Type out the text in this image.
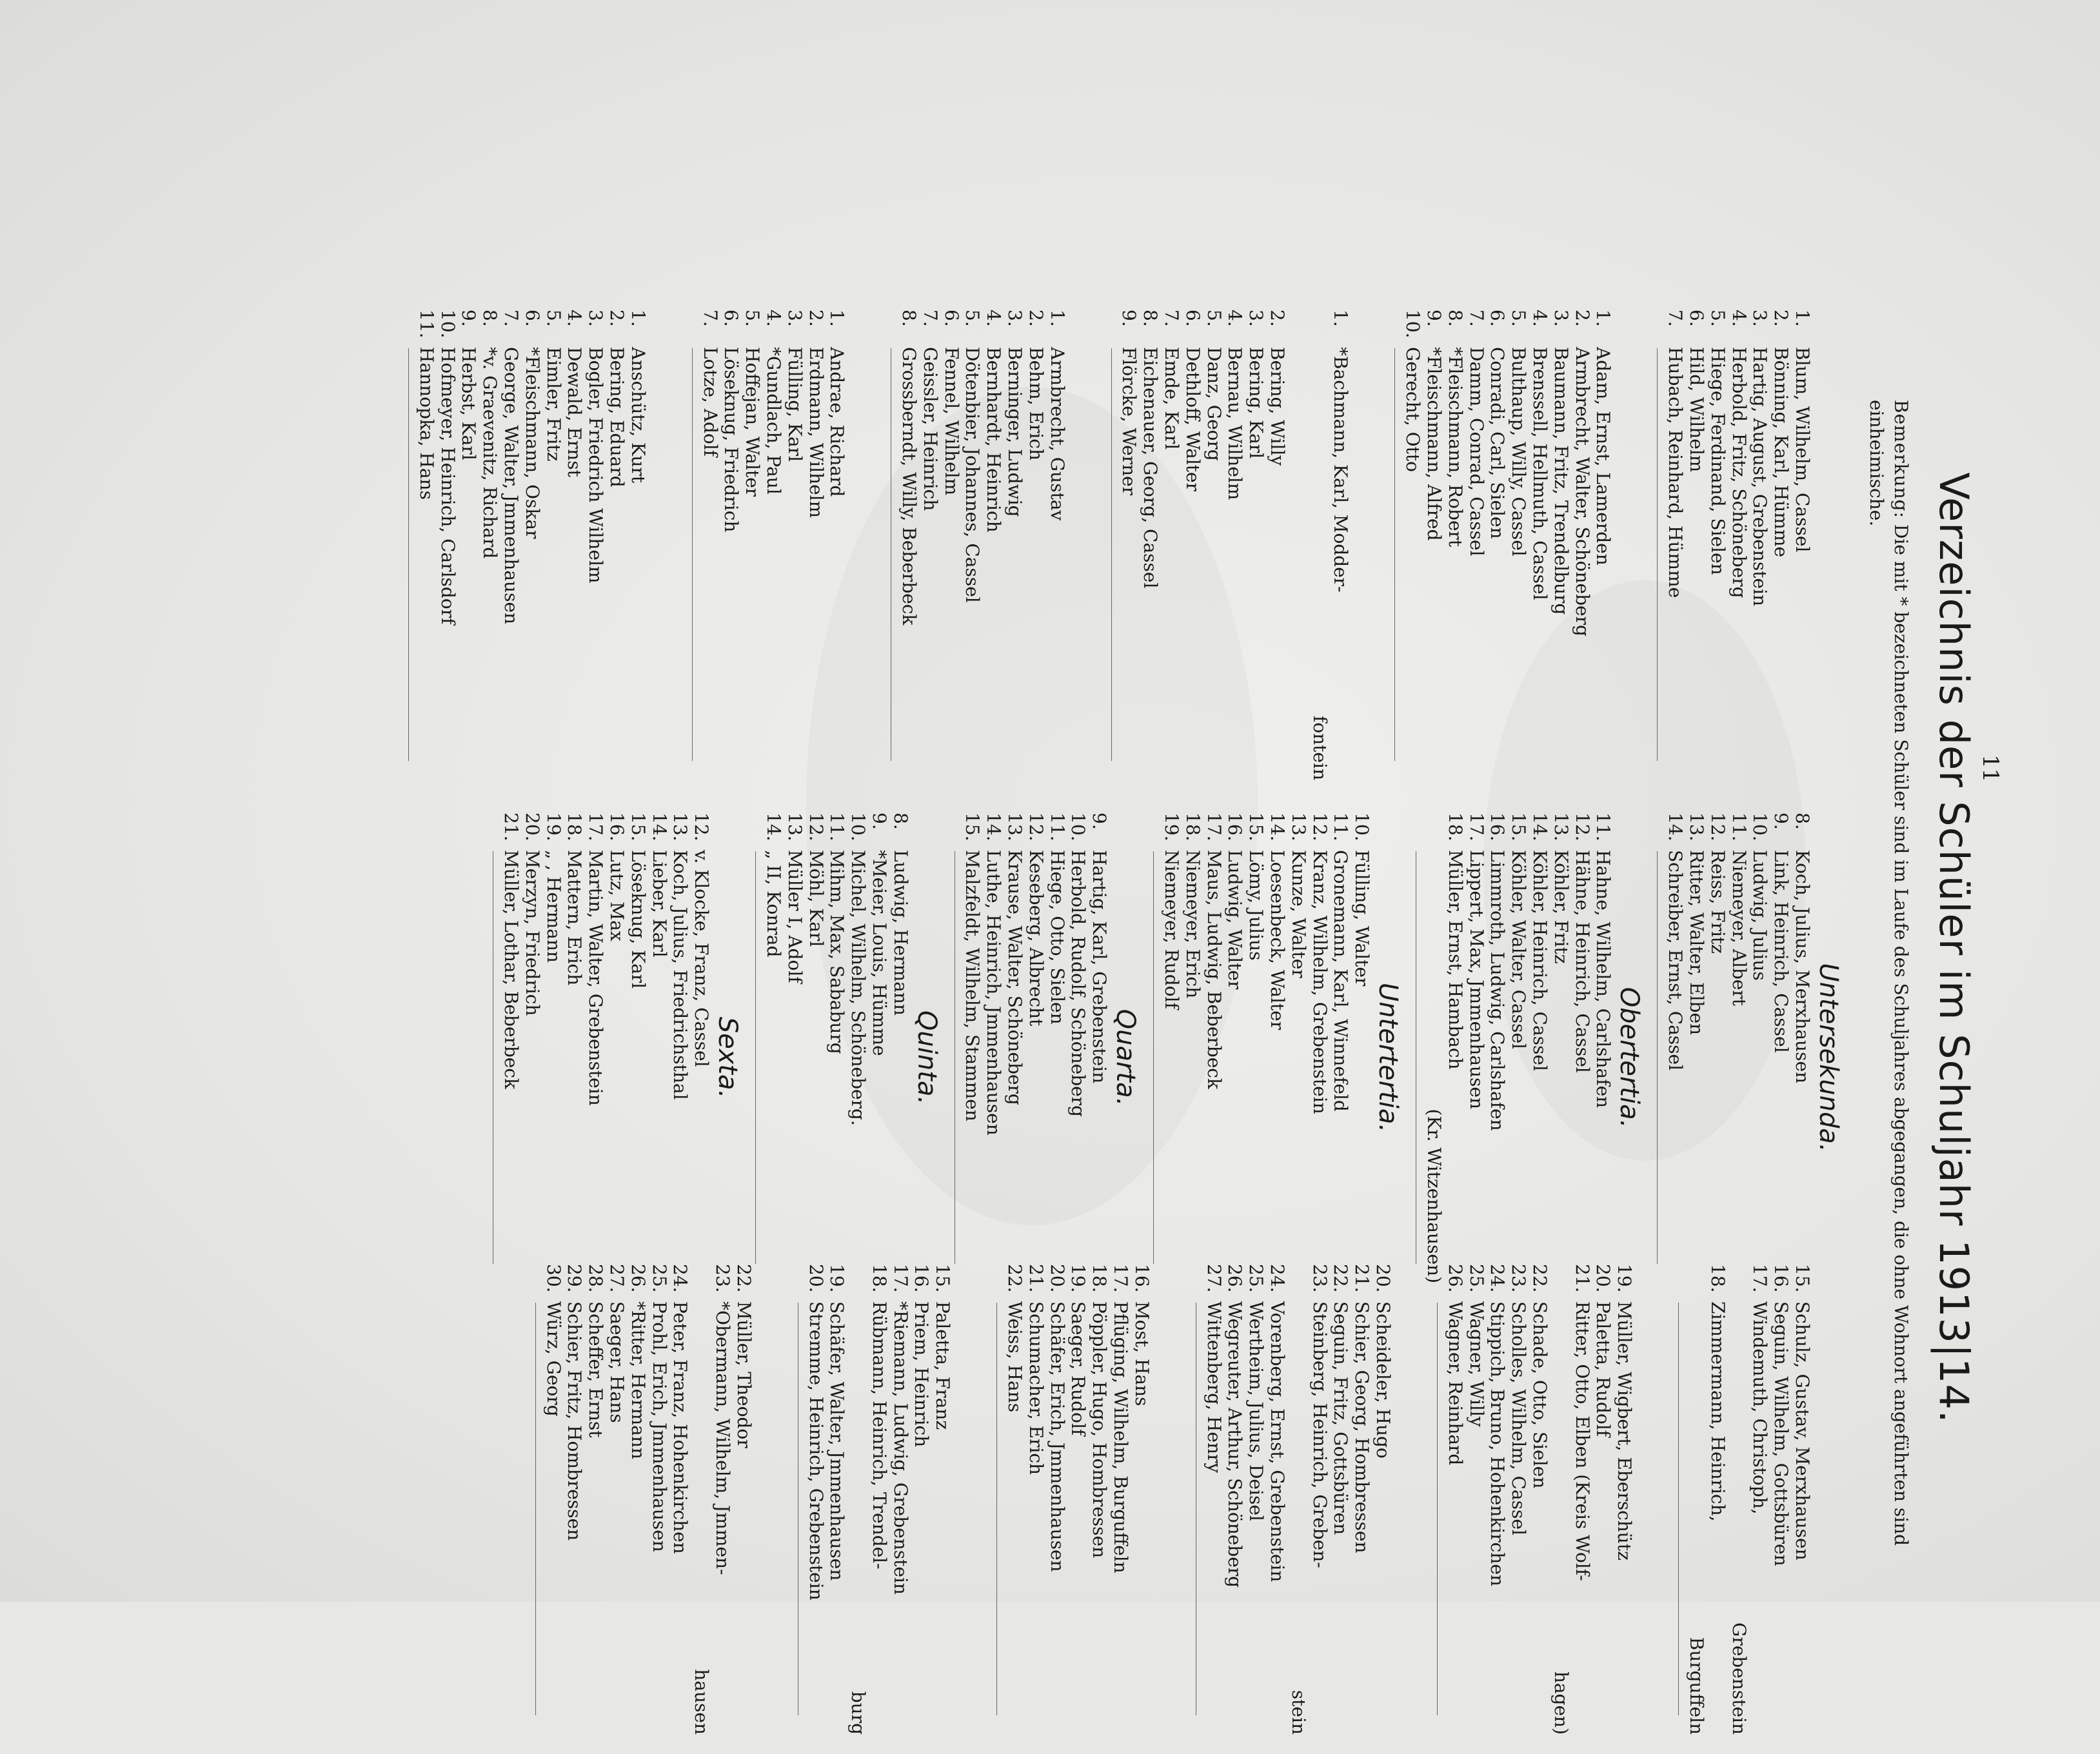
11
Verzeichnis der Schüler im Schuljahr 1913|14.
Bemerkung: Die mit * bezeichneten Schüler sind im Laufe des Schuljahres abgegangen, die ohne Wohnort angeführten sind einheimische.

1.
Blum, Wilhelm, Cassel
2.
Bönning, Karl, Hümme
3.
Hartig, August, Grebenstein
4.
Herbold, Fritz, Schöneberg
5.
Hiege, Ferdinand, Sielen
6.
Hild, Wilhelm
7.
Hubach, Reinhard, Hümme

1.
Adam, Ernst, Lamerden
2.
Armbrecht, Walter, Schöneberg
3.
Baumann, Fritz, Trendelburg
4.
Brenssell, Hellmuth, Cassel
5.
Bulthaup, Willy, Cassel
6.
Conradi, Carl, Sielen
7.
Damm, Conrad, Cassel
8.
*Fleischmann, Robert
9.
*Fleischmann, Alfred
10.
Gerecht, Otto

1.
*Bachmann, Karl, Modder-
fontein

2.
Bering, Willy
3.
Bering, Karl
4.
Bernau, Wilhelm
5.
Danz, Georg
6.
Dethloff, Walter
7.
Emde, Karl
8.
Eichenauer, Georg, Cassel
9.
Flörcke, Werner

1.
Armbrecht, Gustav
2.
Behm, Erich
3.
Berninger, Ludwig
4.
Bernhardt, Heinrich
5.
Dötenbier, Johannes, Cassel
6.
Fennel, Wilhelm
7.
Geissler, Heinrich
8.
Grossberndt, Willy, Beberbeck

1.
Andrae, Richard
2.
Erdmann, Wilhelm
3.
Fülling, Karl
4.
*Gundlach, Paul
5.
Hoffejan, Walter
6.
Löseknug, Friedrich
7.
Lotze, Adolf

1.
Anschütz, Kurt
2.
Bering, Eduard
3.
Bogler, Friedrich Wilhelm
4.
Dewald, Ernst
5.
Eimler, Fritz
6.
*Fleischmann, Oskar
7.
George, Walter, Jmmenhausen
8.
*v. Graevenitz, Richard
9.
Herbst, Karl
10.
Hofmeyer, Heinrich, Carlsdorf
11.
Hannopka, Hans
Untersekunda.
8.
Koch, Julius, Merxhausen
9.
Link, Heinrich, Cassel
10.
Ludwig, Julius
11.
Niemeyer, Albert
12.
Reiss, Fritz
13.
Ritter, Walter, Elben
14.
Schreiber, Ernst, Cassel
Obertertia.
11.
Hahne, Wilhelm, Carlshafen
12.
Hähne, Heinrich, Cassel
13.
Köhler, Fritz
14.
Köhler, Heinrich, Cassel
15.
Köhler, Walter, Cassel
16.
Limmroth, Ludwig, Carlshafen
17.
Lippert, Max, Jmmenhausen
18.
Müller, Ernst, Hambach
(Kr. Witzenhausen)
Untertertia.
10.
Fülling, Walter
11.
Gronemann, Karl, Winnefeld
12.
Kranz, Wilhelm, Grebenstein
13.
Kunze, Walter
14.
Loesenbeck, Walter
15.
Lömy, Julius
16.
Ludwig, Walter
17.
Maus, Ludwig, Beberbeck
18.
Niemeyer, Erich
19.
Niemeyer, Rudolf
Quarta.
9.
Hartig, Karl, Grebenstein
10.
Herbold, Rudolf, Schöneberg
11.
Hiege, Otto, Sielen
12.
Keseberg, Albrecht
13.
Krause, Walter, Schöneberg
14.
Luthe, Heinrich, Jmmenhausen
15.
Malzfeldt, Wilhelm, Stammen
Quinta.
8.
Ludwig, Hermann
9.
*Meier, Louis, Hümme
10.
Michel, Wilhelm, Schöneberg.
11.
Mihm, Max, Sababurg
12.
Möhl, Karl
13.
Müller I, Adolf
14.
„ II, Konrad
Sexta.
12.
v. Klocke, Franz, Cassel
13.
Koch, Julius, Friedrichsthal
14.
Lieber, Karl
15.
Löseknug, Karl
16.
Lutz, Max
17.
Martin, Walter, Grebenstein
18.
Mattern, Erich
19.
„ , Hermann
20.
Merzyn, Friedrich
21.
Müller, Lothar, Beberbeck

15.
Schulz, Gustav, Merxhausen
16.
Seguin, Wilhelm, Gottsbüren
17.
Windemuth, Christoph,
Grebenstein
18.
Zimmermann, Heinrich,
Burguffeln

19.
Müller, Wigbert, Eberschütz
20.
Paletta, Rudolf
21.
Ritter, Otto, Elben (Kreis Wolf-
hagen)
22.
Schade, Otto, Sielen
23.
Scholles, Wilhelm, Cassel
24.
Stippich, Bruno, Hohenkirchen
25.
Wagner, Willy
26.
Wagner, Reinhard

20.
Scheideler, Hugo
21.
Schier, Georg, Hombressen
22.
Seguin, Fritz, Gottsbüren
23.
Steinberg, Heinrich, Greben-
stein
24.
Vorenberg, Ernst, Grebenstein
25.
Wertheim, Julius, Deisel
26.
Wegreuter, Arthur, Schöneberg
27.
Wittenberg, Henry

16.
Most, Hans
17.
Pflüging, Wilhelm, Burguffeln
18.
Pöppler, Hugo, Hombressen
19.
Saeger, Rudolf
20.
Schäfer, Erich, Jmmenhausen
21.
Schumacher, Erich
22.
Weiss, Hans

15.
Paletta, Franz
16.
Priem, Heinrich
17.
*Riemann, Ludwig, Grebenstein
18.
Rübmann, Heinrich, Trendel-
burg
19.
Schäfer, Walter, Jmmenhausen
20.
Stremme, Heinrich, Grebenstein

22.
Müller, Theodor
23.
*Obermann, Wilhelm, Jmmen-
hausen
24.
Peter, Franz, Hohenkirchen
25.
Prohl, Erich, Jmmenhausen
26.
*Ritter, Hermann
27.
Saeger, Hans
28.
Scheffer, Ernst
29.
Schier, Fritz, Hombressen
30.
Würz, Georg
